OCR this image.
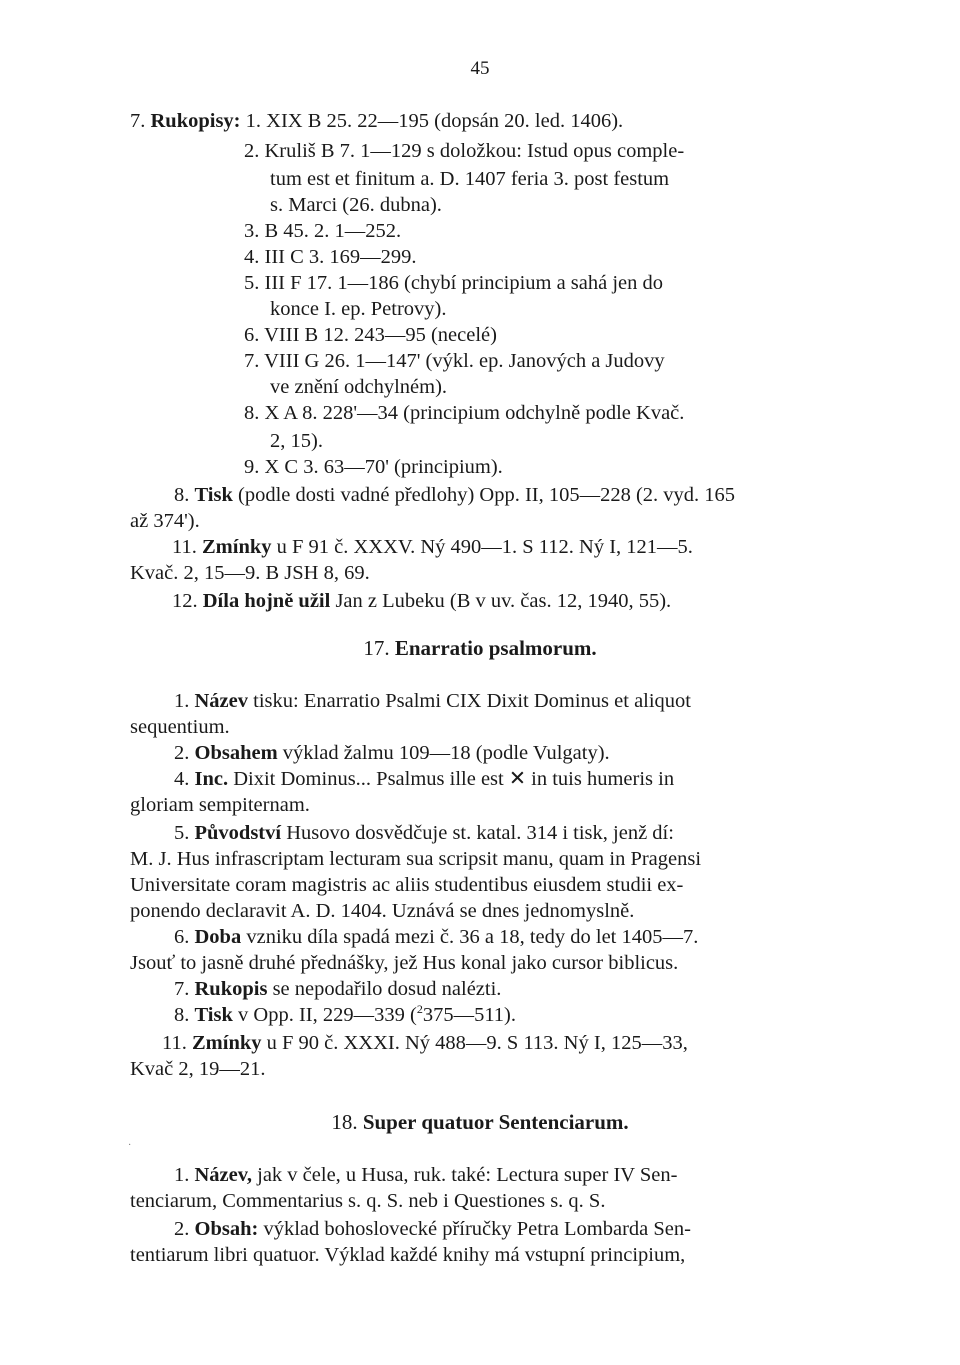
45
7. Rukopisy: 1. XIX B 25. 22—195 (dopsán 20. led. 1406).
2. Kruliš B 7. 1—129 s doložkou: Istud opus comple-
tum est et finitum a. D. 1407 feria 3. post festum
s. Marci (26. dubna).
3. B 45. 2. 1—252.
4. III C 3. 169—299.
5. III F 17. 1—186 (chybí principium a sahá jen do
konce I. ep. Petrovy).
6. VIII B 12. 243—95 (necelé)
7. VIII G 26. 1—147' (výkl. ep. Janových a Judovy
ve znění odchylném).
8. X A 8. 228'—34 (principium odchylně podle Kvač.
2, 15).
9. X C 3. 63—70' (principium).
8. Tisk (podle dosti vadné předlohy) Opp. II, 105—228 (2. vyd. 165
až 374').
11. Zmínky u F 91 č. XXXV. Ný 490—1. S 112. Ný I, 121—5.
Kvač. 2, 15—9. B JSH 8, 69.
12. Díla hojně užil Jan z Lubeku (B v uv. čas. 12, 1940, 55).
17. Enarratio psalmorum.
1. Název tisku: Enarratio Psalmi CIX Dixit Dominus et aliquot
sequentium.
2. Obsahem výklad žalmu 109—18 (podle Vulgaty).
4. Inc. Dixit Dominus... Psalmus ille est ✕ in tuis humeris in
gloriam sempiternam.
5. Původství Husovo dosvědčuje st. katal. 314 i tisk, jenž dí:
M. J. Hus infrascriptam lecturam sua scripsit manu, quam in Pragensi
Universitate coram magistris ac aliis studentibus eiusdem studii ex-
ponendo declaravit A. D. 1404. Uznává se dnes jednomyslně.
6. Doba vzniku díla spadá mezi č. 36 a 18, tedy do let 1405—7.
Jsouť to jasně druhé přednášky, jež Hus konal jako cursor biblicus.
7. Rukopis se nepodařilo dosud nalézti.
8. Tisk v Opp. II, 229—339 ($^2$375—511).
11. Zmínky u F 90 č. XXXI. Ný 488—9. S 113. Ný I, 125—33,
Kvač 2, 19—21.
18. Super quatuor Sentenciarum.
·
1. Název, jak v čele, u Husa, ruk. také: Lectura super IV Sen-
tenciarum, Commentarius s. q. S. neb i Questiones s. q. S.
2. Obsah: výklad bohoslovecké příručky Petra Lombarda Sen-
tentiarum libri quatuor. Výklad každé knihy má vstupní principium,
